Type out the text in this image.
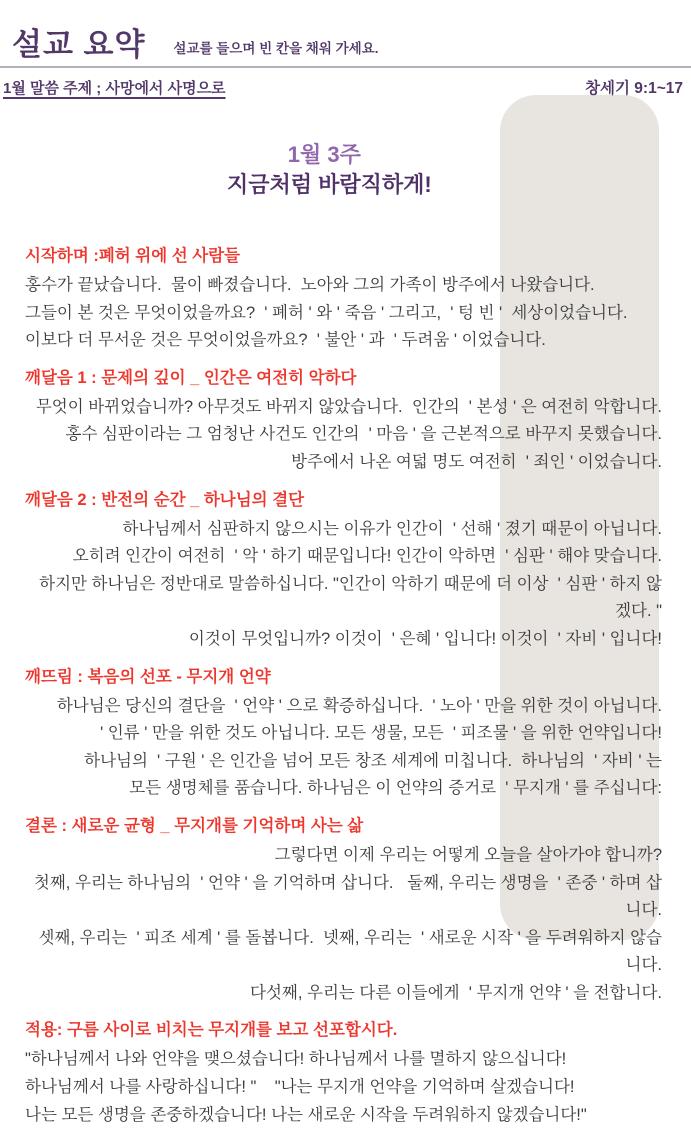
설교 요약 설교를 들으며 빈 칸을 채워 가세요.
1월 말씀 주제 ; 사망에서 사명으로	창세기 9:1~17

1월 3주
지금처럼 바람직하게!

시작하며 :폐허 위에 선 사람들
홍수가 끝났습니다.  물이 빠졌습니다.  노아와 그의 가족이 방주에서 나왔습니다.
그들이 본 것은 무엇이었을까요?  ' 폐허 ' 와 ' 죽음 ' 그리고,  ' 텅 빈 '  세상이었습니다.
이보다 더 무서운 것은 무엇이었을까요?  ' 불안 ' 과  ' 두려움 ' 이었습니다.
깨달음 1 : 문제의 깊이 _ 인간은 여전히 악하다
무엇이 바뀌었습니까? 아무것도 바뀌지 않았습니다.  인간의  ' 본성 ' 은 여전히 악합니다.
홍수 심판이라는 그 엄청난 사건도 인간의  ' 마음 ' 을 근본적으로 바꾸지 못했습니다.
방주에서 나온 여덟 명도 여전히  ' 죄인 ' 이었습니다.
깨달음 2 : 반전의 순간 _ 하나님의 결단
하나님께서 심판하지 않으시는 이유가 인간이  ' 선해 ' 졌기 때문이 아닙니다.
오히려 인간이 여전히  ' 악 ' 하기 때문입니다! 인간이 악하면  ' 심판 ' 해야 맞습니다.
하지만 하나님은 정반대로 말씀하십니다. "인간이 악하기 때문에 더 이상  ' 심판 ' 하지 않겠다. "
이것이 무엇입니까? 이것이  ' 은혜 ' 입니다! 이것이  ' 자비 ' 입니다!
깨뜨림 : 복음의 선포 - 무지개 언약
하나님은 당신의 결단을  ' 언약 ' 으로 확증하십니다.  ' 노아 ' 만을 위한 것이 아닙니다.
' 인류 ' 만을 위한 것도 아닙니다. 모든 생물, 모든  ' 피조물 ' 을 위한 언약입니다!
하나님의  ' 구원 ' 은 인간을 넘어 모든 창조 세계에 미칩니다.  하나님의  ' 자비 ' 는
모든 생명체를 품습니다. 하나님은 이 언약의 증거로  ' 무지개 ' 를 주십니다:
결론 : 새로운 균형 _ 무지개를 기억하며 사는 삶
그렇다면 이제 우리는 어떻게 오늘을 살아가야 합니까?
첫째, 우리는 하나님의  ' 언약 ' 을 기억하며 삽니다.   둘째, 우리는 생명을  ' 존중 ' 하며 삽니다.
셋째, 우리는  ' 피조 세계 ' 를 돌봅니다.  넷째, 우리는  ' 새로운 시작 ' 을 두려워하지 않습니다.
다섯째, 우리는 다른 이들에게  ' 무지개 언약 ' 을 전합니다.
적용: 구름 사이로 비치는 무지개를 보고 선포합시다.
"하나님께서 나와 언약을 맺으셨습니다! 하나님께서 나를 멸하지 않으십니다!
하나님께서 나를 사랑하십니다! "    "나는 무지개 언약을 기억하며 살겠습니다!
나는 모든 생명을 존중하겠습니다! 나는 새로운 시작을 두려워하지 않겠습니다!"
